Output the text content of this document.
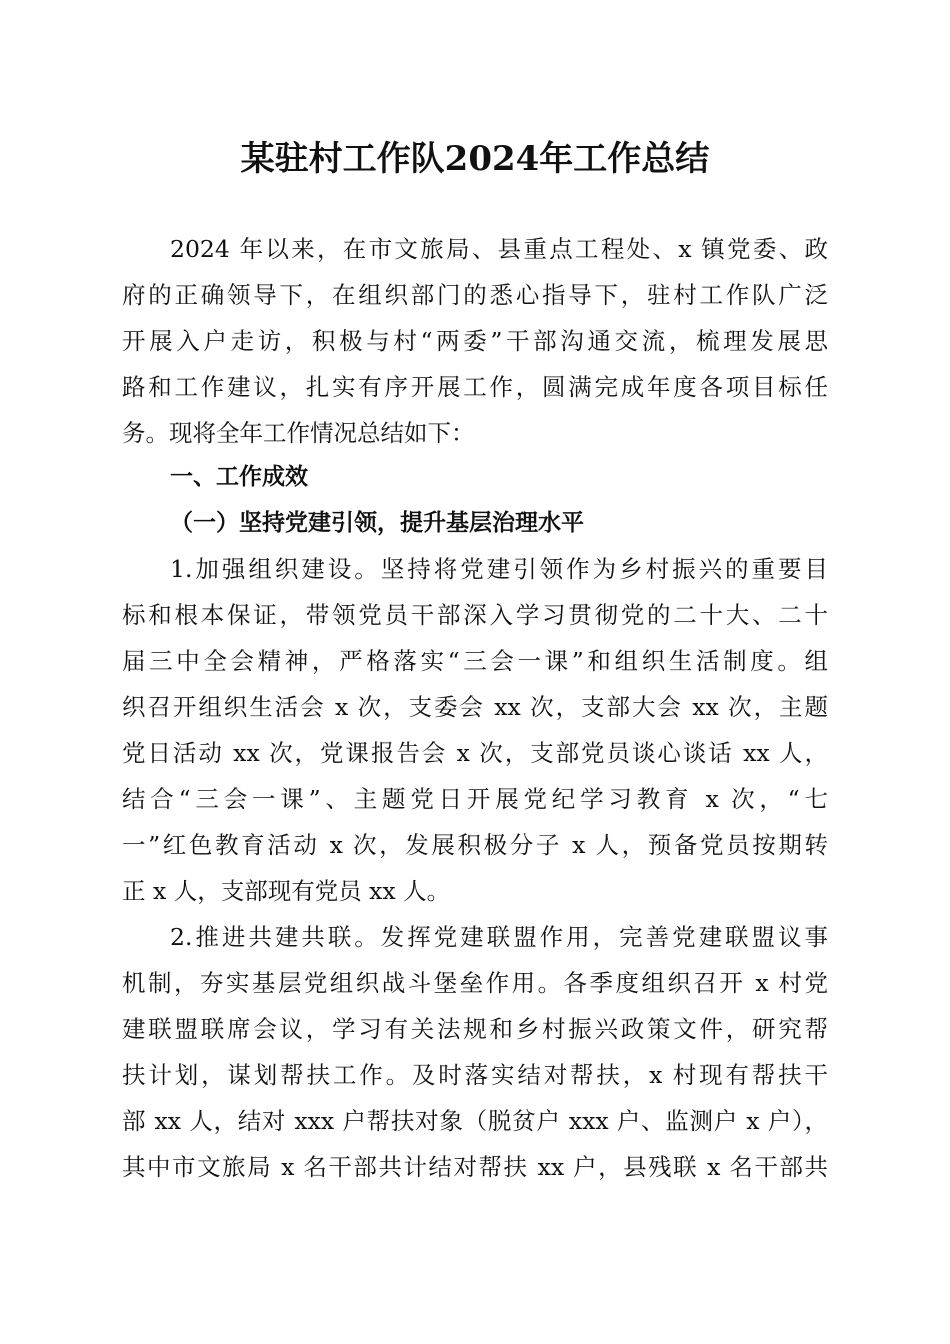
某驻村工作队2024年工作总结
2024 年以来，在市文旅局、县重点工程处、x 镇党委、政
府的正确领导下，在组织部门的悉心指导下，驻村工作队广泛
开展入户走访，积极与村“两委”干部沟通交流，梳理发展思
路和工作建议，扎实有序开展工作，圆满完成年度各项目标任
务。现将全年工作情况总结如下：
一、工作成效
（一）坚持党建引领，提升基层治理水平
1.加强组织建设。坚持将党建引领作为乡村振兴的重要目
标和根本保证，带领党员干部深入学习贯彻党的二十大、二十
届三中全会精神，严格落实“三会一课”和组织生活制度。组
织召开组织生活会 x 次，支委会 xx 次，支部大会 xx 次，主题
党日活动 xx 次，党课报告会 x 次，支部党员谈心谈话 xx 人，
结合“三会一课”、主题党日开展党纪学习教育 x 次，“七
一”红色教育活动 x 次，发展积极分子 x 人，预备党员按期转
正 x 人，支部现有党员 xx 人。
2.推进共建共联。发挥党建联盟作用，完善党建联盟议事
机制，夯实基层党组织战斗堡垒作用。各季度组织召开 x 村党
建联盟联席会议，学习有关法规和乡村振兴政策文件，研究帮
扶计划，谋划帮扶工作。及时落实结对帮扶，x 村现有帮扶干
部 xx 人，结对 xxx 户帮扶对象（脱贫户 xxx 户、监测户 x 户），
其中市文旅局 x 名干部共计结对帮扶 xx 户，县残联 x 名干部共
